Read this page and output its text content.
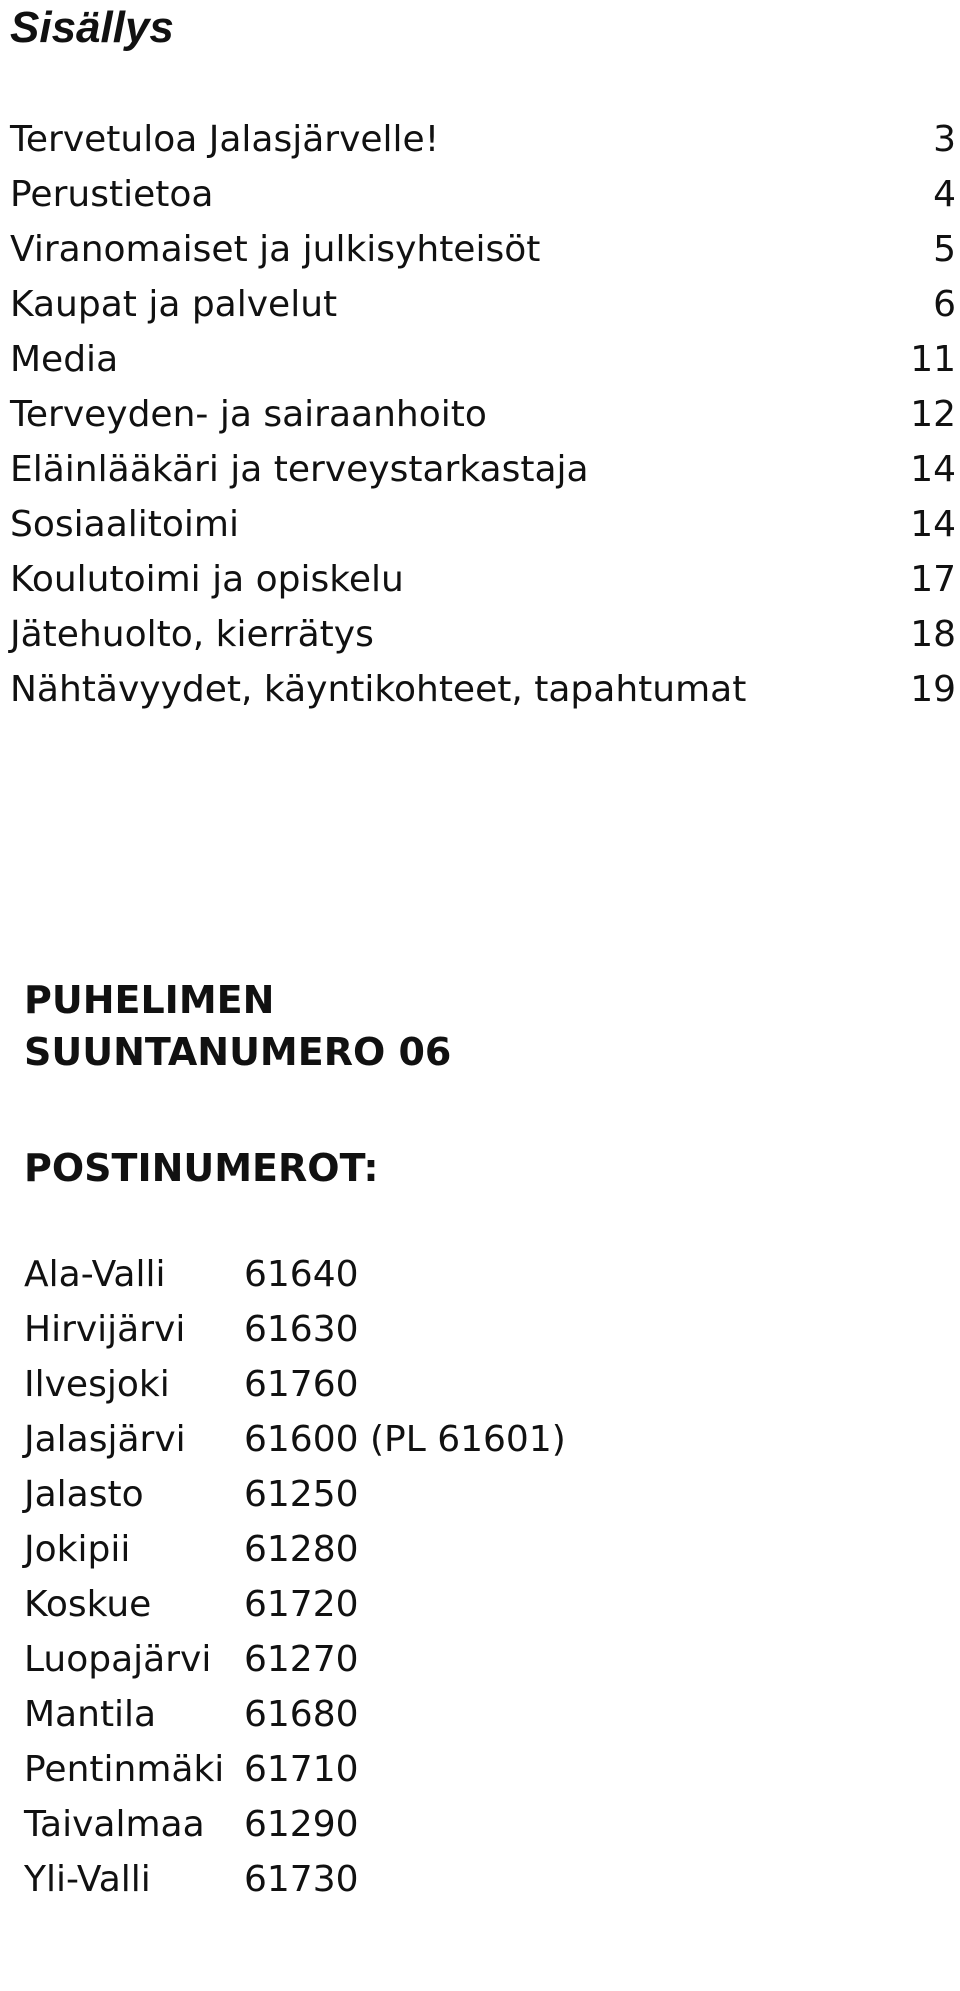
Sisällys
Tervetuloa Jalasjärvelle!	3
Perustietoa	4
Viranomaiset ja julkisyhteisöt	5
Kaupat ja palvelut	6
Media	11
Terveyden- ja sairaanhoito	12
Eläinlääkäri ja terveystarkastaja	14
Sosiaalitoimi	14
Koulutoimi ja opiskelu	17
Jätehuolto, kierrätys	18
Nähtävyydet, käyntikohteet, tapahtumat	19
PUHELIMEN
SUUNTANUMERO 06
POSTINUMEROT:
Ala-Valli	61640
Hirvijärvi	61630
Ilvesjoki	61760
Jalasjärvi	61600 (PL 61601)
Jalasto	61250
Jokipii	61280
Koskue	61720
Luopajärvi 61270
Mantila	61680
Pentinmäki 61710
Taivalmaa	61290
Yli-Valli	61730
